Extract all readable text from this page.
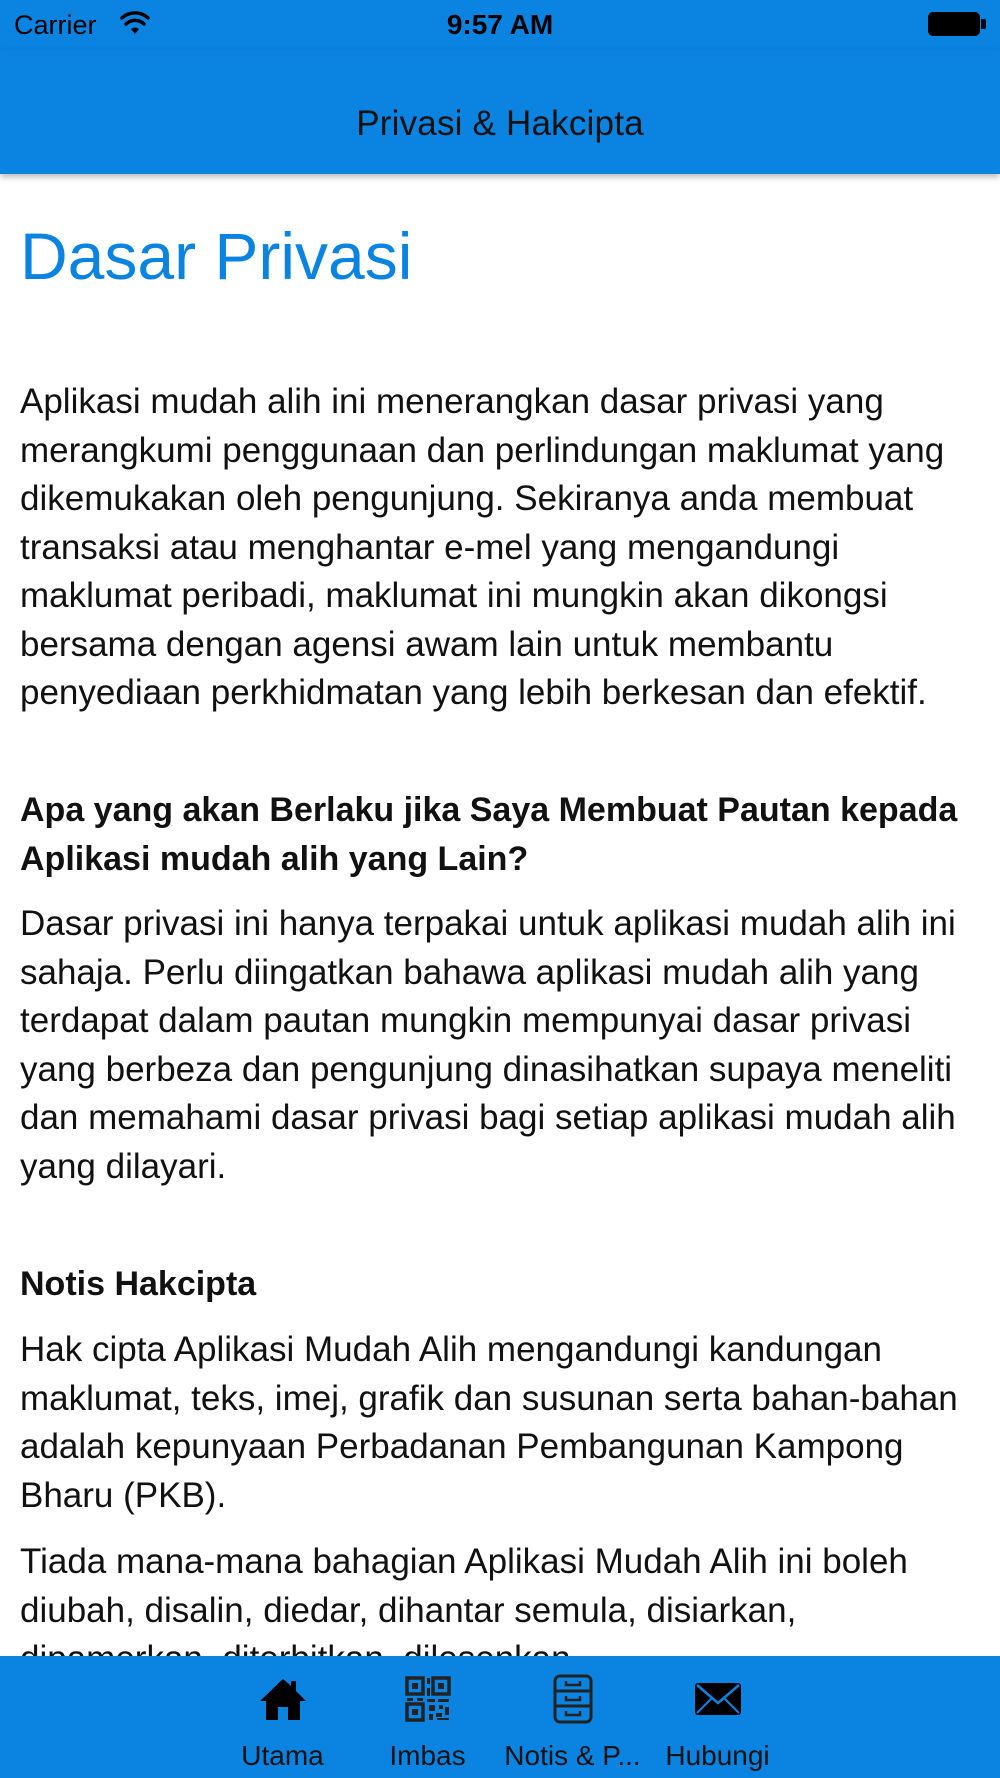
Carrier	9:57 AM
Privasi & Hakcipta
Dasar Privasi

Aplikasi mudah alih ini menerangkan dasar privasi yang merangkumi penggunaan dan perlindungan maklumat yang dikemukakan oleh pengunjung. Sekiranya anda membuat transaksi atau menghantar e-mel yang mengandungi maklumat peribadi, maklumat ini mungkin akan dikongsi bersama dengan agensi awam lain untuk membantu penyediaan perkhidmatan yang lebih berkesan dan efektif.

Apa yang akan Berlaku jika Saya Membuat Pautan kepada Aplikasi mudah alih yang Lain?

Dasar privasi ini hanya terpakai untuk aplikasi mudah alih ini sahaja. Perlu diingatkan bahawa aplikasi mudah alih yang terdapat dalam pautan mungkin mempunyai dasar privasi yang berbeza dan pengunjung dinasihatkan supaya meneliti dan memahami dasar privasi bagi setiap aplikasi mudah alih yang dilayari.

Notis Hakcipta

Hak cipta Aplikasi Mudah Alih mengandungi kandungan maklumat, teks, imej, grafik dan susunan serta bahan-bahan adalah kepunyaan Perbadanan Pembangunan Kampong Bharu (PKB).

Tiada mana-mana bahagian Aplikasi Mudah Alih ini boleh diubah, disalin, diedar, dihantar semula, disiarkan,

Utama	Imbas	Notis & P... Hubungi
